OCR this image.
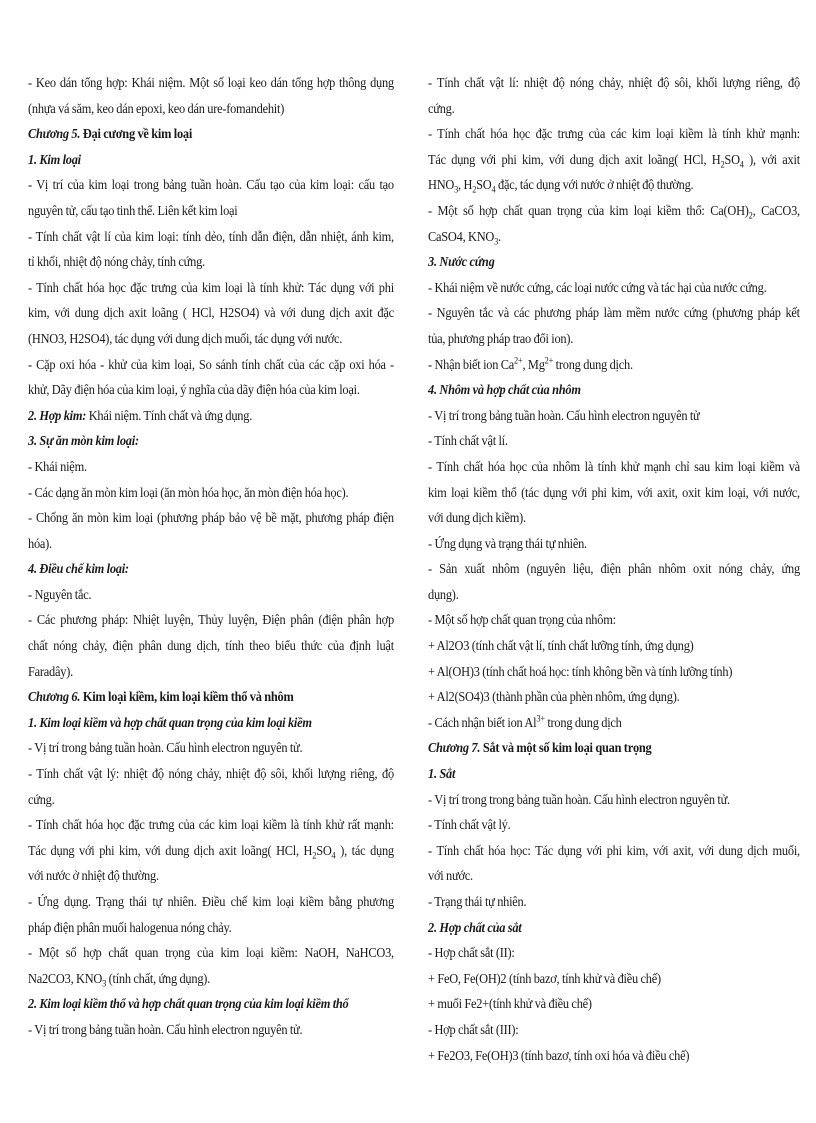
- Keo dán tổng hợp: Khái niệm. Một số loại keo dán tổng hợp thông dụng
(nhựa vá săm, keo dán epoxi, keo dán ure-fomandehit)
Chương 5. Đại cương về kim loại
1. Kim loại
- Vị trí của kim loại trong bảng tuần hoàn. Cấu tạo của kim loại: cấu tạo
nguyên tử, cấu tạo tinh thể. Liên kết kim loại
- Tính chất vật lí của kim loại: tính dẻo, tính dẫn điện, dẫn nhiệt, ánh kim,
tỉ khối, nhiệt độ nóng chảy, tính cứng.
- Tính chất hóa học đặc trưng của kim loại là tính khử: Tác dụng với phi
kim, với dung dịch axit loãng ( HCl, H2SO4) và với dung dịch axit đặc
(HNO3, H2SO4), tác dụng với dung dịch muối, tác dụng với nước.
- Cặp oxi hóa - khử của kim loại, So sánh tính chất của các cặp oxi hóa -
khử, Dãy điện hóa của kim loại, ý nghĩa của dãy điện hóa của kim loại.
2. Hợp kim: Khái niệm. Tính chất và ứng dụng.
3. Sự ăn mòn kim loại:
- Khái niệm.
- Các dạng ăn mòn kim loại (ăn mòn hóa học, ăn mòn điện hóa học).
- Chống ăn mòn kim loại (phương pháp bảo vệ bề mặt, phương pháp điện
hóa).
4. Điều chế kim loại:
- Nguyên tắc.
- Các phương pháp: Nhiệt luyện, Thủy luyện, Điện phân (điện phân hợp
chất nóng chảy, điện phân dung dịch, tính theo biểu thức của định luật
Faradây).
Chương 6. Kim loại kiềm, kim loại kiềm thổ và nhôm
1. Kim loại kiềm và hợp chất quan trọng của kim loại kiềm
- Vị trí trong bảng tuần hoàn. Cấu hình electron nguyên tử.
- Tính chất vật lý: nhiệt độ nóng chảy, nhiệt độ sôi, khối lượng riêng, độ
cứng.
- Tính chất hóa học đặc trưng của các kim loại kiềm là tính khử rất mạnh:
Tác dụng với phi kim, với dung dịch axit loãng( HCl, $H_2SO_4$ ), tác dụng
với nước ở nhiệt độ thường.
- Ứng dụng. Trạng thái tự nhiên. Điều chế kim loại kiềm bằng phương
pháp điện phân muối halogenua nóng chảy.
- Một số hợp chất quan trọng của kim loại kiềm: NaOH, NaHCO3,
Na2CO3, $KNO_3$ (tính chất, ứng dụng).
2. Kim loại kiềm thổ và hợp chất quan trọng của kim loại kiềm thổ
- Vị trí trong bảng tuần hoàn. Cấu hình electron nguyên tử.
- Tính chất vật lí: nhiệt độ nóng chảy, nhiệt độ sôi, khối lượng riêng, độ
cứng.
- Tính chất hóa học đặc trưng của các kim loại kiềm là tính khử mạnh:
Tác dụng với phi kim, với dung dịch axit loãng( HCl, $H_2SO_4$ ), với axit
$HNO_3$, $H_2SO_4$ đặc, tác dụng với nước ở nhiệt độ thường.
- Một số hợp chất quan trọng của kim loại kiềm thổ: $Ca(OH)_2$, CaCO3,
CaSO4, $KNO_3$.
3. Nước cứng
- Khái niệm về nước cứng, các loại nước cứng và tác hại của nước cứng.
- Nguyên tắc và các phương pháp làm mềm nước cứng (phương pháp kết
tủa, phương pháp trao đổi ion).
- Nhận biết ion $Ca^{2+}$, $Mg^{2+}$ trong dung dịch.
4. Nhôm và hợp chất của nhôm
- Vị trí trong bảng tuần hoàn. Cấu hình electron nguyên tử
- Tính chất vật lí.
- Tính chất hóa học của nhôm là tính khử mạnh chỉ sau kim loại kiềm và
kim loại kiềm thổ (tác dụng với phi kim, với axit, oxit kim loại, với nước,
với dung dịch kiềm).
- Ứng dụng và trạng thái tự nhiên.
- Sản xuất nhôm (nguyên liệu, điện phân nhôm oxit nóng chảy, ứng
dụng).
- Một số hợp chất quan trọng của nhôm:
+ Al2O3 (tính chất vật lí, tính chất lưỡng tính, ứng dụng)
+ Al(OH)3 (tính chất hoá học: tính không bền và tính lưỡng tính)
+ Al2(SO4)3 (thành phần của phèn nhôm, ứng dụng).
- Cách nhận biết ion $Al^{3+}$ trong dung dịch
Chương 7. Sắt và một số kim loại quan trọng
1. Sắt
- Vị trí trong trong bảng tuần hoàn. Cấu hình electron nguyên tử.
- Tính chất vật lý.
- Tính chất hóa học: Tác dụng với phi kim, với axit, với dung dịch muối,
với nước.
- Trạng thái tự nhiên.
2. Hợp chất của sắt
- Hợp chất sắt (II):
+ FeO, Fe(OH)2 (tính bazơ, tính khử và điều chế)
+ muối Fe2+(tính khử và điều chế)
- Hợp chất sắt (III):
+ Fe2O3, Fe(OH)3 (tính bazơ, tính oxi hóa và điều chế)
